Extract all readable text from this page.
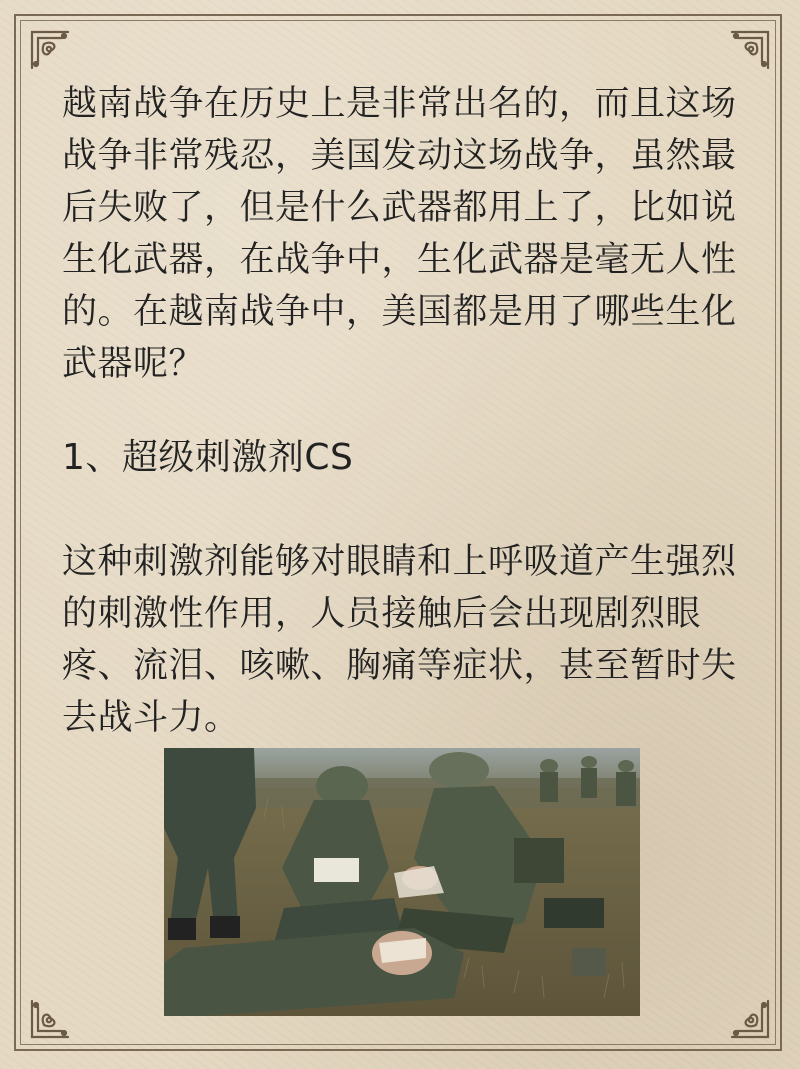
越南战争在历史上是非常出名的，而且这场战争非常残忍，美国发动这场战争，虽然最后失败了，但是什么武器都用上了，比如说生化武器，在战争中，生化武器是毫无人性的。在越南战争中，美国都是用了哪些生化武器呢？

1、超级刺激剂CS

这种刺激剂能够对眼睛和上呼吸道产生强烈的刺激性作用，人员接触后会出现剧烈眼疼、流泪、咳嗽、胸痛等症状，甚至暂时失去战斗力。
